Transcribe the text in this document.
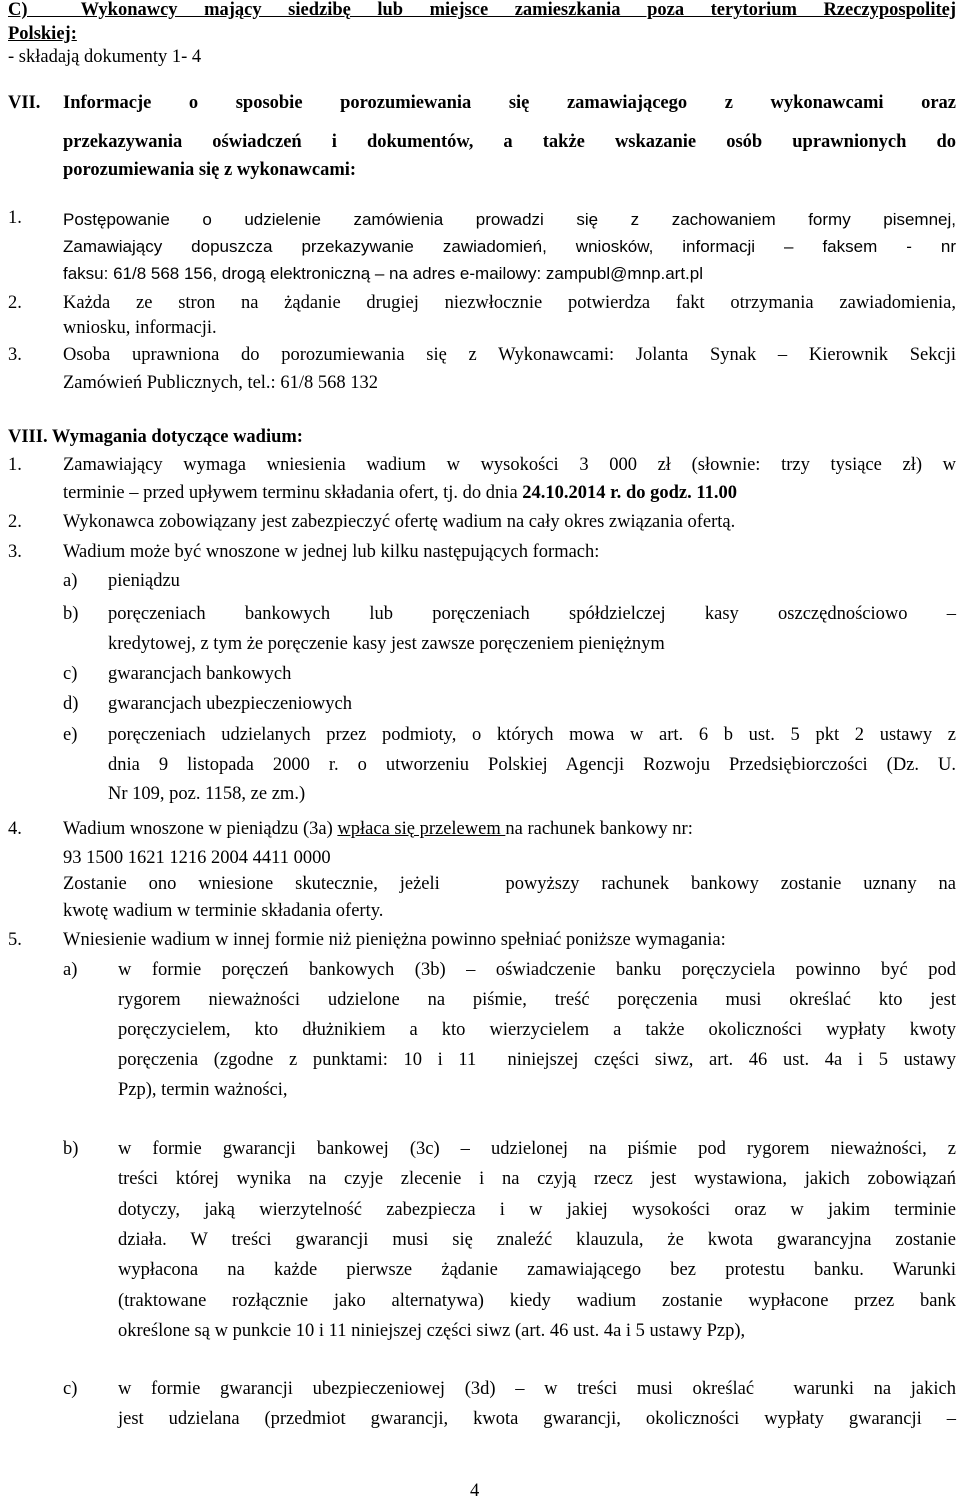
C)  Wykonawcy mający siedzibę lub miejsce zamieszkania poza terytorium Rzeczypospolitej
Polskiej:
- składają dokumenty 1- 4
VII. Informacje o sposobie porozumiewania się zamawiającego z wykonawcami oraz
przekazywania oświadczeń i dokumentów, a także wskazanie osób uprawnionych do
porozumiewania się z wykonawcami:
1. Postępowanie o udzielenie zamówienia prowadzi się z zachowaniem formy pisemnej,
Zamawiający dopuszcza przekazywanie zawiadomień, wniosków, informacji – faksem - nr
faksu: 61/8 568 156, drogą elektroniczną – na adres e-mailowy: zampubl@mnp.art.pl
2. Każda ze stron na żądanie drugiej niezwłocznie potwierdza fakt otrzymania zawiadomienia,
wniosku, informacji.
3. Osoba uprawniona do porozumiewania się z Wykonawcami: Jolanta Synak – Kierownik Sekcji
Zamówień Publicznych, tel.: 61/8 568 132
VIII. Wymagania dotyczące wadium:
1. Zamawiający wymaga wniesienia wadium w wysokości 3 000 zł (słownie: trzy tysiące zł) w
terminie – przed upływem terminu składania ofert, tj. do dnia 24.10.2014 r. do godz. 11.00
2. Wykonawca zobowiązany jest zabezpieczyć ofertę wadium na cały okres związania ofertą.
3. Wadium może być wnoszone w jednej lub kilku następujących formach:
a) pieniądzu
b) poręczeniach bankowych lub poręczeniach spółdzielczej kasy oszczędnościowo –
kredytowej, z tym że poręczenie kasy jest zawsze poręczeniem pieniężnym
c) gwarancjach bankowych
d) gwarancjach ubezpieczeniowych
e) poręczeniach udzielanych przez podmioty, o których mowa w art. 6 b ust. 5 pkt 2 ustawy z
dnia 9 listopada 2000 r. o utworzeniu Polskiej Agencji Rozwoju Przedsiębiorczości (Dz. U.
Nr 109, poz. 1158, ze zm.)
4. Wadium wnoszone w pieniądzu (3a) wpłaca się przelewem na rachunek bankowy nr:
93 1500 1621 1216 2004 4411 0000
Zostanie ono wniesione skutecznie, jeżeli   powyższy rachunek bankowy zostanie uznany na
kwotę wadium w terminie składania oferty.
5. Wniesienie wadium w innej formie niż pieniężna powinno spełniać poniższe wymagania:
a) w formie poręczeń bankowych (3b) – oświadczenie banku poręczyciela powinno być pod
rygorem nieważności udzielone na piśmie, treść poręczenia musi określać kto jest
poręczycielem, kto dłużnikiem a kto wierzycielem a także okoliczności wypłaty kwoty
poręczenia (zgodne z punktami: 10 i 11  niniejszej części siwz, art. 46 ust. 4a i 5 ustawy
Pzp), termin ważności,
b) w formie gwarancji bankowej (3c) – udzielonej na piśmie pod rygorem nieważności, z
treści której wynika na czyje zlecenie i na czyją rzecz jest wystawiona, jakich zobowiązań
dotyczy, jaką wierzytelność zabezpiecza i w jakiej wysokości oraz w jakim terminie
działa. W treści gwarancji musi się znaleźć klauzula, że kwota gwarancyjna zostanie
wypłacona na każde pierwsze żądanie zamawiającego bez protestu banku. Warunki
(traktowane rozłącznie jako alternatywa) kiedy wadium zostanie wypłacone przez bank
określone są w punkcie 10 i 11 niniejszej części siwz (art. 46 ust. 4a i 5 ustawy Pzp),
c) w formie gwarancji ubezpieczeniowej (3d) – w treści musi określać  warunki na jakich
jest udzielana (przedmiot gwarancji, kwota gwarancji, okoliczności wypłaty gwarancji –
4
